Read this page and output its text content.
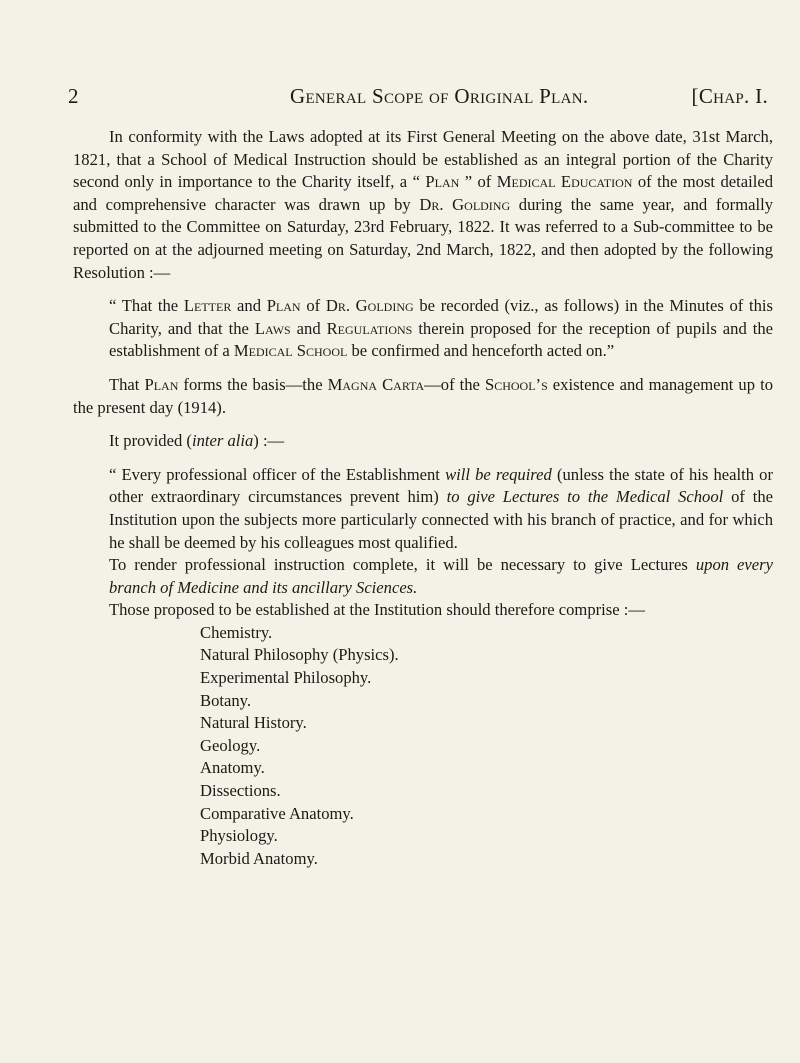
2	General Scope of Original Plan.	[Chap. I.

In conformity with the Laws adopted at its First General Meeting on the above date, 31st March, 1821, that a School of Medical Instruction should be established as an integral portion of the Charity second only in importance to the Charity itself, a “ Plan ” of Medical Education of the most detailed and comprehensive character was drawn up by Dr. Golding during the same year, and formally submitted to the Committee on Saturday, 23rd February, 1822. It was referred to a Sub-committee to be reported on at the adjourned meeting on Saturday, 2nd March, 1822, and then adopted by the following Resolution :—

“ That the Letter and Plan of Dr. Golding be recorded (viz., as follows) in the Minutes of this Charity, and that the Laws and Regulations therein proposed for the reception of pupils and the establishment of a Medical School be confirmed and henceforth acted on.”

That Plan forms the basis—the Magna Carta—of the School’s existence and management up to the present day (1914).

It provided (inter alia) :—

“ Every professional officer of the Establishment will be required (unless the state of his health or other extraordinary circumstances prevent him) to give Lectures to the Medical School of the Institution upon the subjects more particularly connected with his branch of practice, and for which he shall be deemed by his colleagues most qualified.

To render professional instruction complete, it will be necessary to give Lectures upon every branch of Medicine and its ancillary Sciences.

Those proposed to be established at the Institution should therefore comprise :—

Chemistry.
Natural Philosophy (Physics).
Experimental Philosophy.
Botany.
Natural History.
Geology.
Anatomy.
Dissections.
Comparative Anatomy.
Physiology.
Morbid Anatomy.
